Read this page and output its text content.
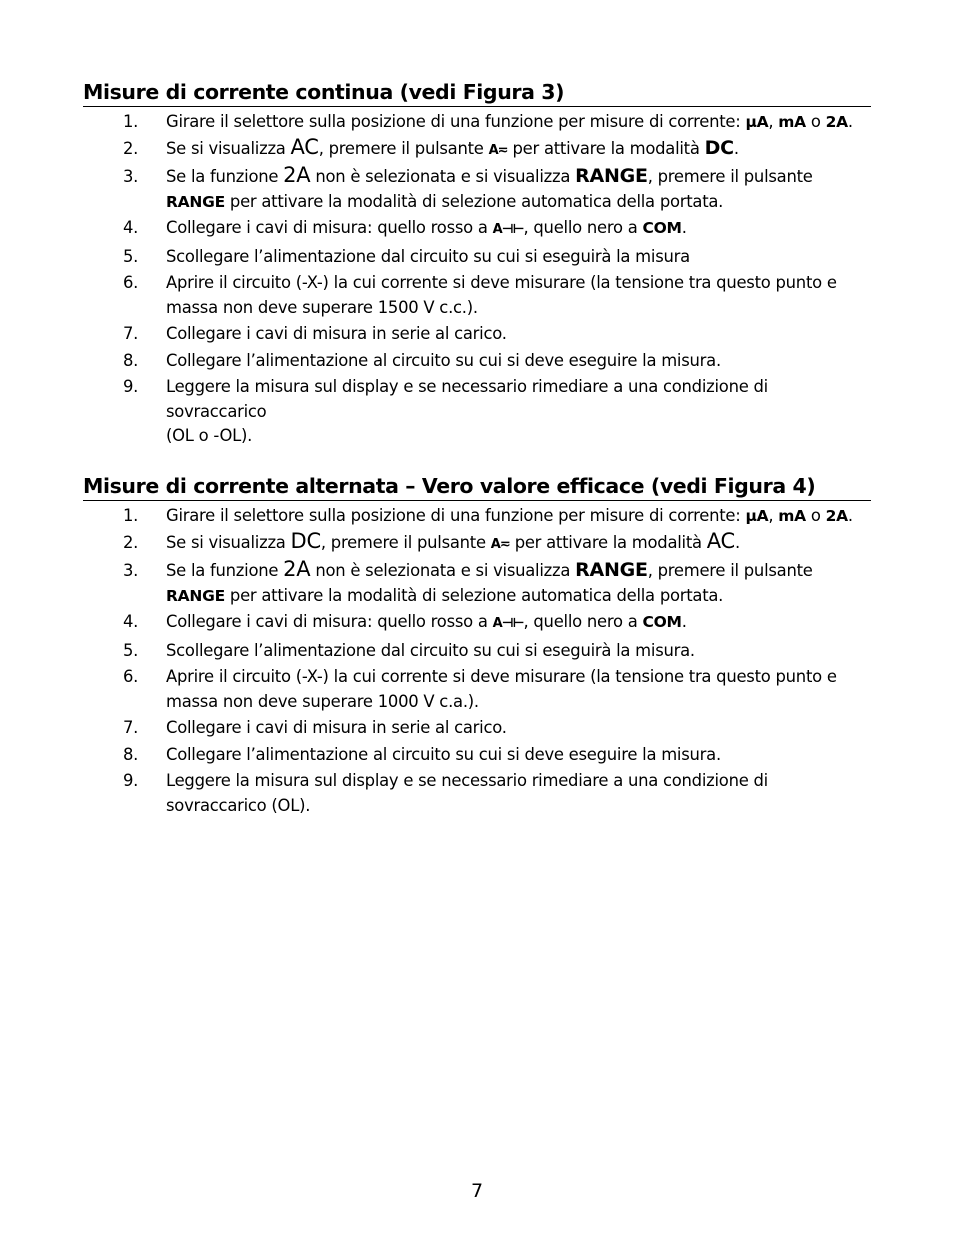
Misure di corrente continua (vedi Figura 3)
1. Girare il selettore sulla posizione di una funzione per misure di corrente: µA, mA o 2A.
2. Se si visualizza AC, premere il pulsante A≂ per attivare la modalità DC.
3. Se la funzione 2A non è selezionata e si visualizza RANGE, premere il pulsante
RANGE per attivare la modalità di selezione automatica della portata.
4. Collegare i cavi di misura: quello rosso a A⊣⊢, quello nero a COM.
5. Scollegare l’alimentazione dal circuito su cui si eseguirà la misura
6. Aprire il circuito (-X-) la cui corrente si deve misurare (la tensione tra questo punto e massa non deve superare 1500 V c.c.).
7. Collegare i cavi di misura in serie al carico.
8. Collegare l’alimentazione al circuito su cui si deve eseguire la misura.
9. Leggere la misura sul display e se necessario rimediare a una condizione di sovraccarico
(OL o -OL).
Misure di corrente alternata – Vero valore efficace (vedi Figura 4)
1. Girare il selettore sulla posizione di una funzione per misure di corrente: µA, mA o 2A.
2. Se si visualizza DC, premere il pulsante A≂ per attivare la modalità AC.
3. Se la funzione 2A non è selezionata e si visualizza RANGE, premere il pulsante
RANGE per attivare la modalità di selezione automatica della portata.
4. Collegare i cavi di misura: quello rosso a A⊣⊢, quello nero a COM.
5. Scollegare l’alimentazione dal circuito su cui si eseguirà la misura.
6. Aprire il circuito (-X-) la cui corrente si deve misurare (la tensione tra questo punto e massa non deve superare 1000 V c.a.).
7. Collegare i cavi di misura in serie al carico.
8. Collegare l’alimentazione al circuito su cui si deve eseguire la misura.
9. Leggere la misura sul display e se necessario rimediare a una condizione di sovraccarico (OL).
7
